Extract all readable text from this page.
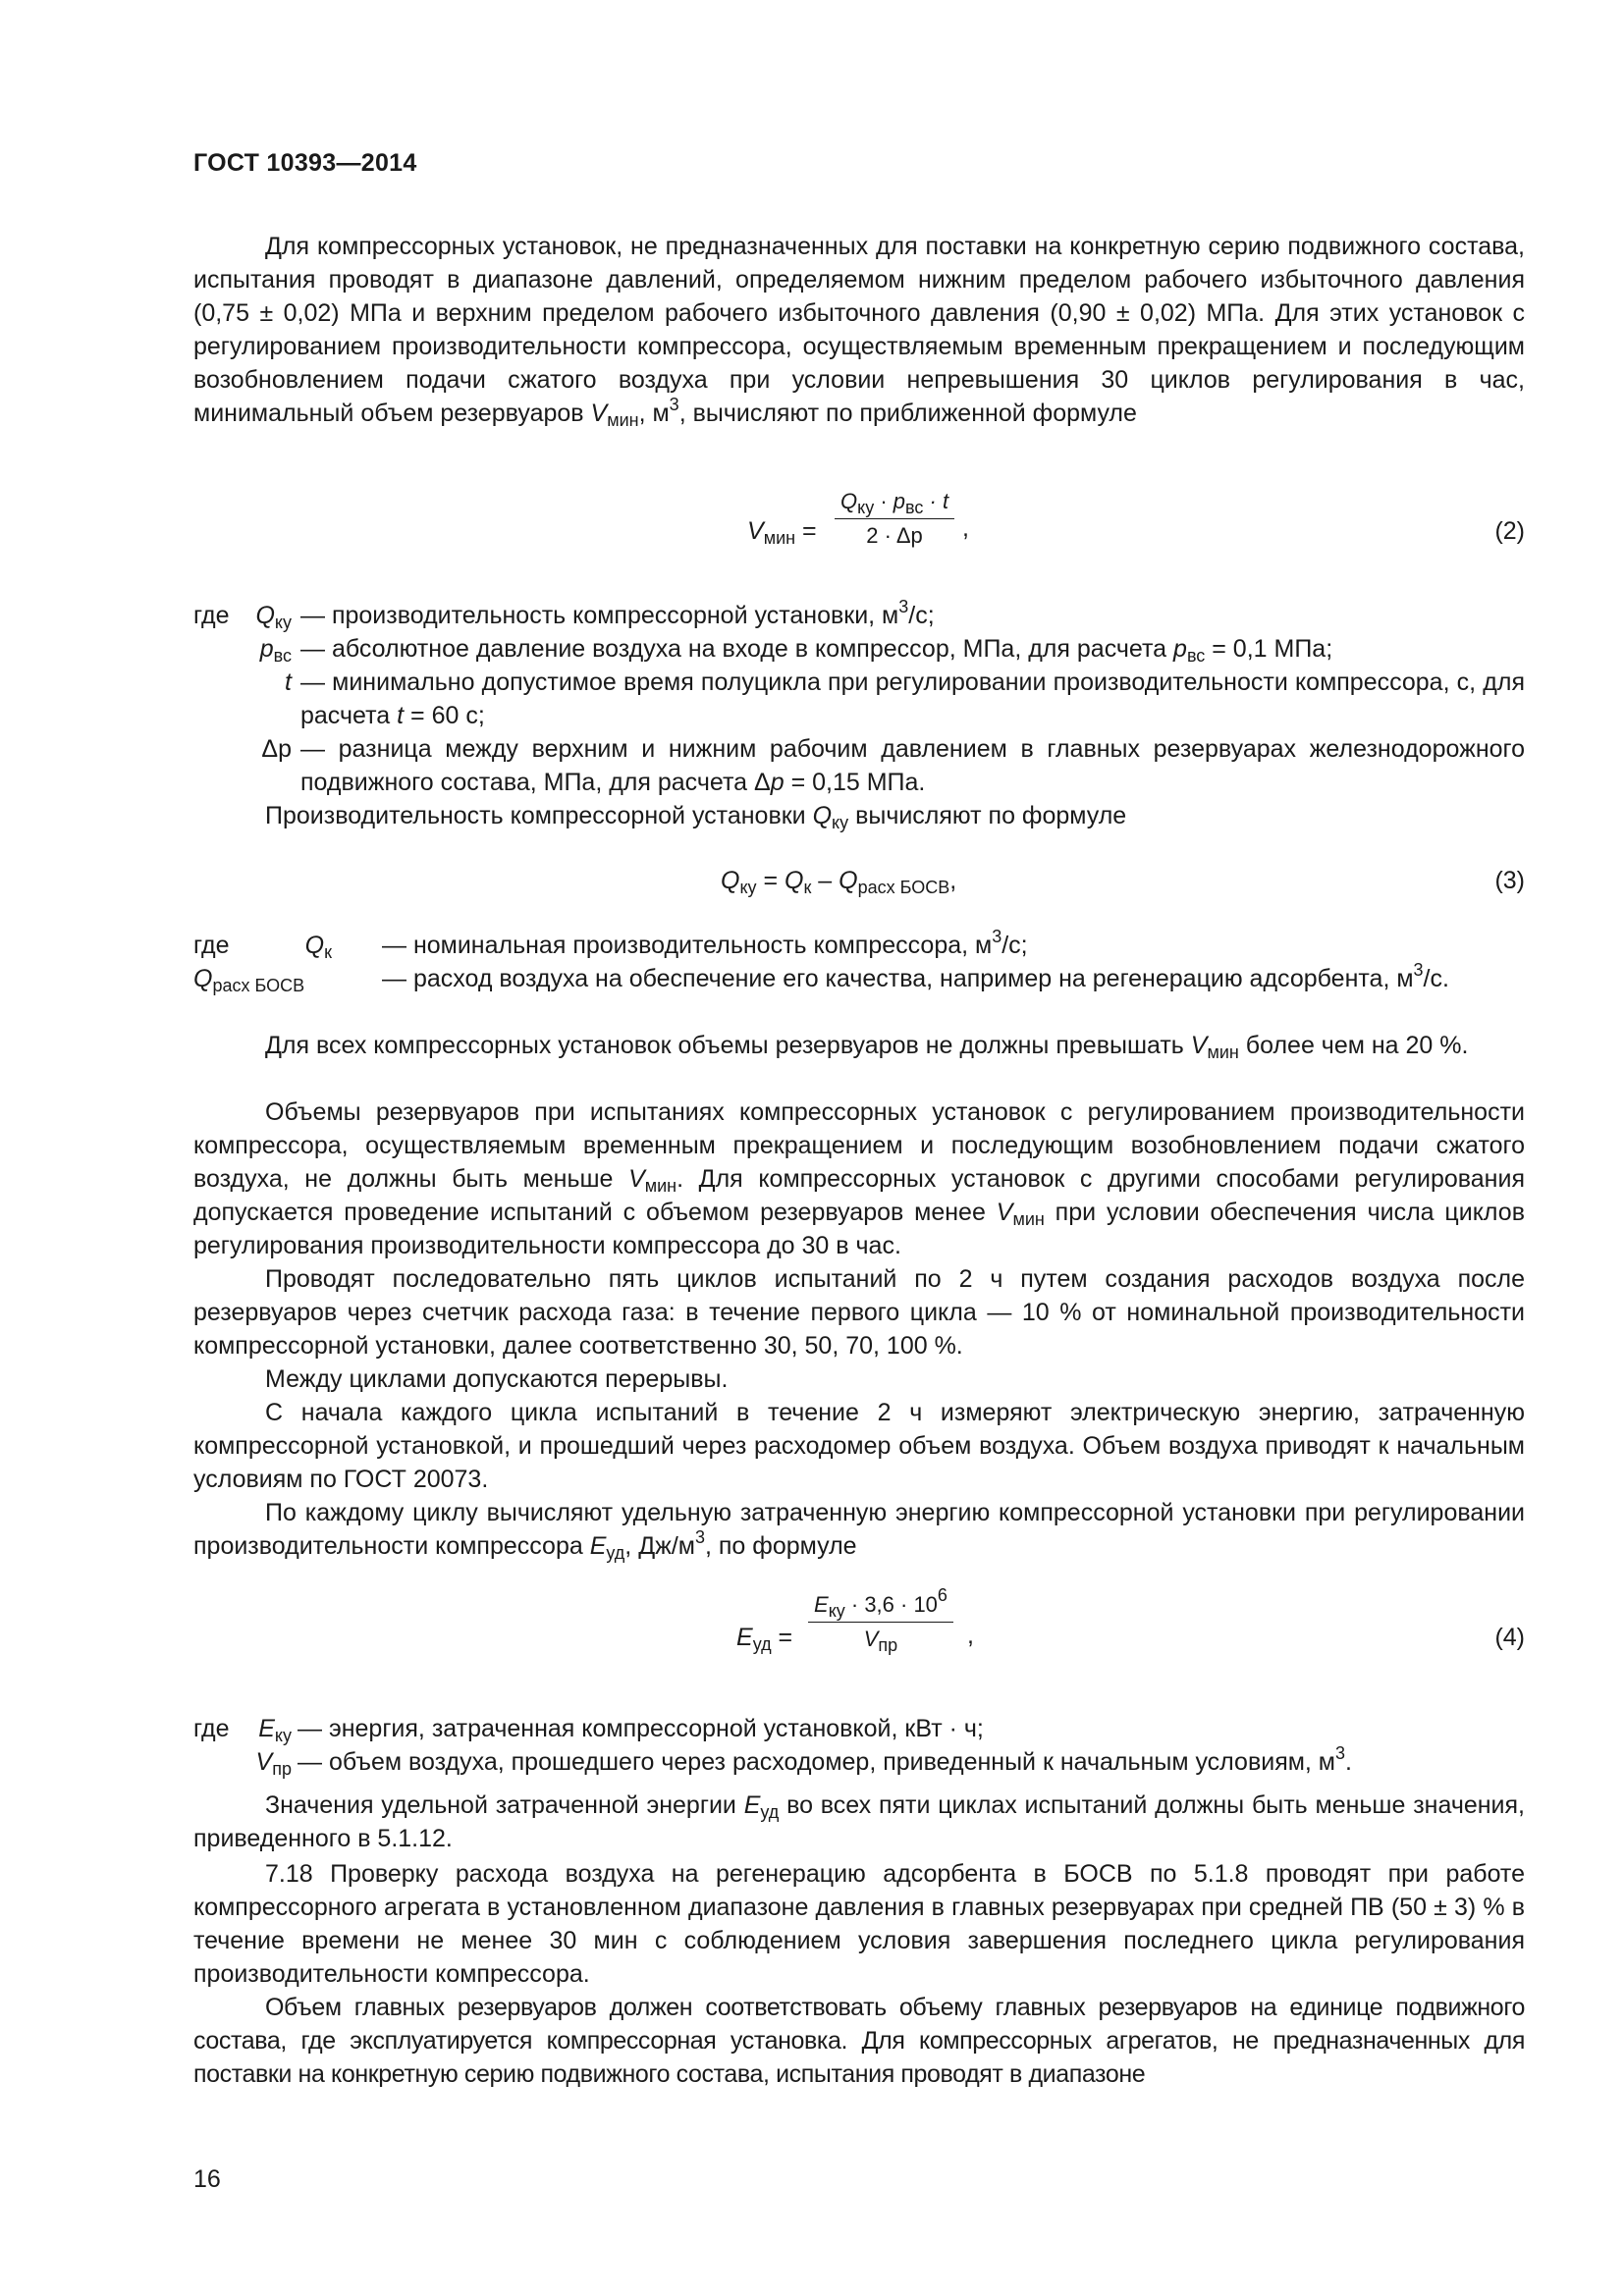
ГОСТ 10393—2014
Для компрессорных установок, не предназначенных для поставки на конкретную серию подвижного состава, испытания проводят в диапазоне давлений, определяемом нижним пределом рабочего избыточного давления (0,75 ± 0,02) МПа и верхним пределом рабочего избыточного давления (0,90 ± 0,02) МПа. Для этих установок с регулированием производительности компрессора, осуществляемым временным прекращением и последующим возобновлением подачи сжатого воздуха при условии непревышения 30 циклов регулирования в час, минимальный объем резервуаров $V_{мин}$, $м^3$, вычисляют по приближенной формуле
$V_{мин}$ =
$Q_{ку} \cdot p_{вс} \cdot t$
2 · Δp	,	(2)
где	$Q_{ку}$ — производительность компрессорной установки, $м^3/с$;
$p_{вс}$ — абсолютное давление воздуха на входе в компрессор, МПа, для расчета $p_{вс} = 0,1$ МПа;
t — минимально допустимое время полуцикла при регулировании производительности компрессора, с, для расчета t = 60 с;
Δp — разница между верхним и нижним рабочим давлением в главных резервуарах железнодорожного подвижного состава, МПа, для расчета Δp = 0,15 МПа.
Производительность компрессорной установки $Q_{ку}$ вычисляют по формуле
$Q_{ку} = Q_к - Q_{расх БОСВ}$,	(3)
где	$Q_к$ — номинальная производительность компрессора, $м^3/с$;
$Q_{расх БОСВ}$	— расход воздуха на обеспечение его качества, например на регенерацию адсорбента, $м^3/с$.
Для всех компрессорных установок объемы резервуаров не должны превышать $V_{мин}$ более чем на 20 %.
Объемы резервуаров при испытаниях компрессорных установок с регулированием производительности компрессора, осуществляемым временным прекращением и последующим возобновлением подачи сжатого воздуха, не должны быть меньше $V_{мин}$. Для компрессорных установок с другими способами регулирования допускается проведение испытаний с объемом резервуаров менее $V_{мин}$ при условии обеспечения числа циклов регулирования производительности компрессора до 30 в час.
Проводят последовательно пять циклов испытаний по 2 ч путем создания расходов воздуха после резервуаров через счетчик расхода газа: в течение первого цикла — 10 % от номинальной производительности компрессорной установки, далее соответственно 30, 50, 70, 100 %.
Между циклами допускаются перерывы.
С начала каждого цикла испытаний в течение 2 ч измеряют электрическую энергию, затраченную компрессорной установкой, и прошедший через расходомер объем воздуха. Объем воздуха приводят к начальным условиям по ГОСТ 20073.
По каждому циклу вычисляют удельную затраченную энергию компрессорной установки при регулировании производительности компрессора $E_{уд}$, $Дж/м^3$, по формуле
$E_{уд}$ =
$E_{ку} \cdot 3,6 \cdot 10^6$
$V_{пр}$	,	(4)
где	$E_{ку}$ — энергия, затраченная компрессорной установкой, кВт · ч;
$V_{пр}$ — объем воздуха, прошедшего через расходомер, приведенный к начальным условиям, $м^3$.
Значения удельной затраченной энергии $E_{уд}$ во всех пяти циклах испытаний должны быть меньше значения, приведенного в 5.1.12.
7.18 Проверку расхода воздуха на регенерацию адсорбента в БОСВ по 5.1.8 проводят при работе компрессорного агрегата в установленном диапазоне давления в главных резервуарах при средней ПВ (50 ± 3) % в течение времени не менее 30 мин с соблюдением условия завершения последнего цикла регулирования производительности компрессора.
Объем главных резервуаров должен соответствовать объему главных резервуаров на единице подвижного состава, где эксплуатируется компрессорная установка. Для компрессорных агрегатов, не предназначенных для поставки на конкретную серию подвижного состава, испытания проводят в диапазоне
16
